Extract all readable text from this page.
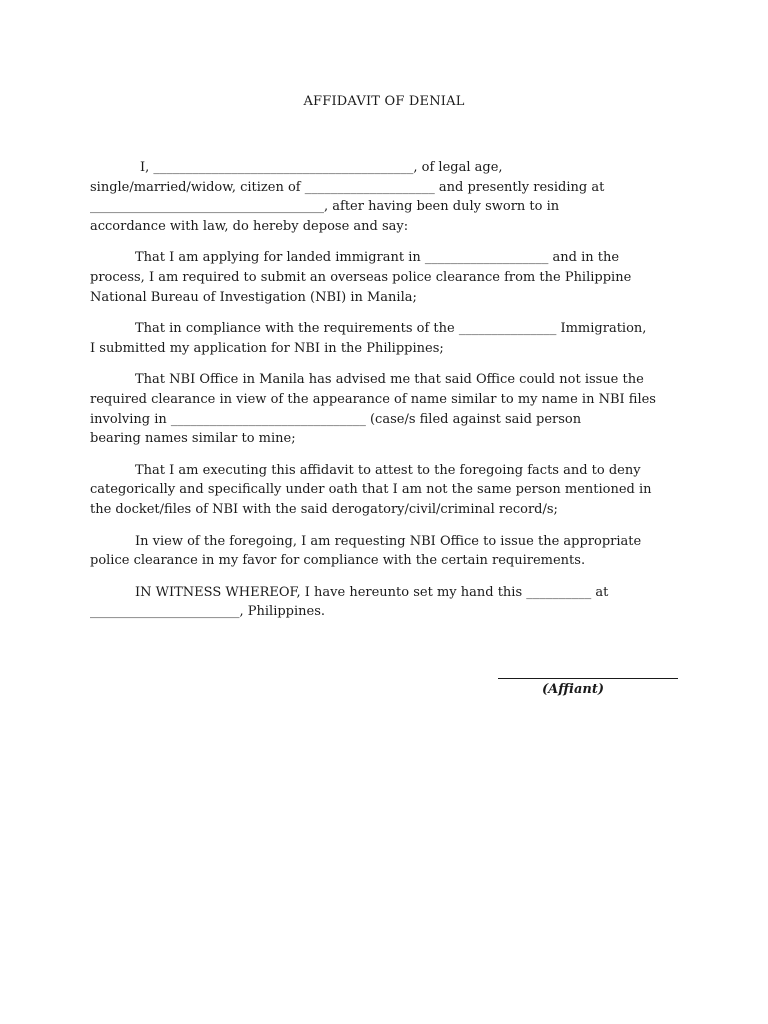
AFFIDAVIT OF DENIAL

I, ________________________________________, of legal age,
single/married/widow, citizen of ____________________ and presently residing at
____________________________________, after having been duly sworn to in
accordance with law, do hereby depose and say:

That I am applying for landed immigrant in ___________________ and in the
process, I am required to submit an overseas police clearance from the Philippine
National Bureau of Investigation (NBI) in Manila;

That in compliance with the requirements of the _______________ Immigration,
I submitted my application for NBI in the Philippines;

That NBI Office in Manila has advised me that said Office could not issue the
required clearance in view of the appearance of name similar to my name in NBI files
involving in ______________________________ (case/s filed against said person
bearing names similar to mine;

That I am executing this affidavit to attest to the foregoing facts and to deny
categorically and specifically under oath that I am not the same person mentioned in
the docket/files of NBI with the said derogatory/civil/criminal record/s;

In view of the foregoing, I am requesting NBI Office to issue the appropriate
police clearance in my favor for compliance with the certain requirements.

IN WITNESS WHEREOF, I have hereunto set my hand this __________ at
_______________________, Philippines.

(Affiant)
